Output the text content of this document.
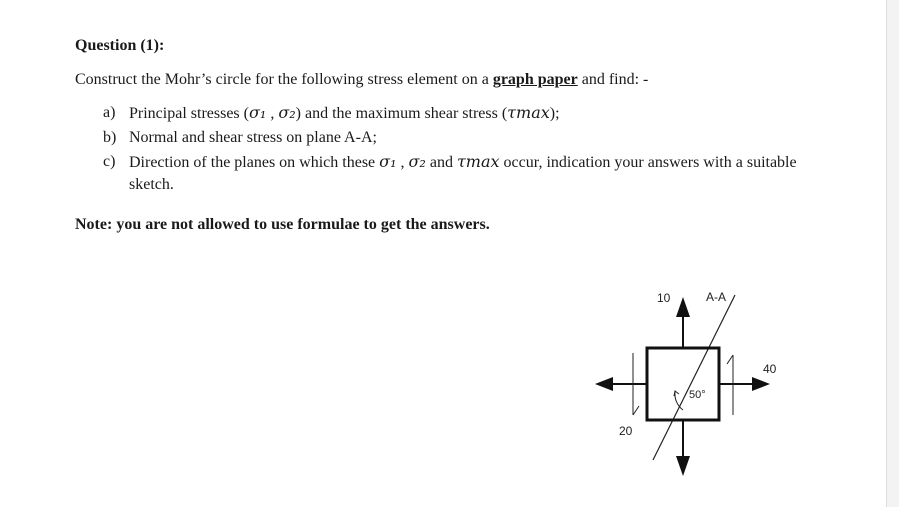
Question (1):
Construct the Mohr’s circle for the following stress element on a graph paper and find: -
a) Principal stresses (σ₁ , σ₂) and the maximum shear stress (τmax);
b) Normal and shear stress on plane A-A;
c) Direction of the planes on which these σ₁ , σ₂ and τmax occur, indication your answers with a suitable sketch.
Note: you are not allowed to use formulae to get the answers.
10	A-A
40
50°
20
